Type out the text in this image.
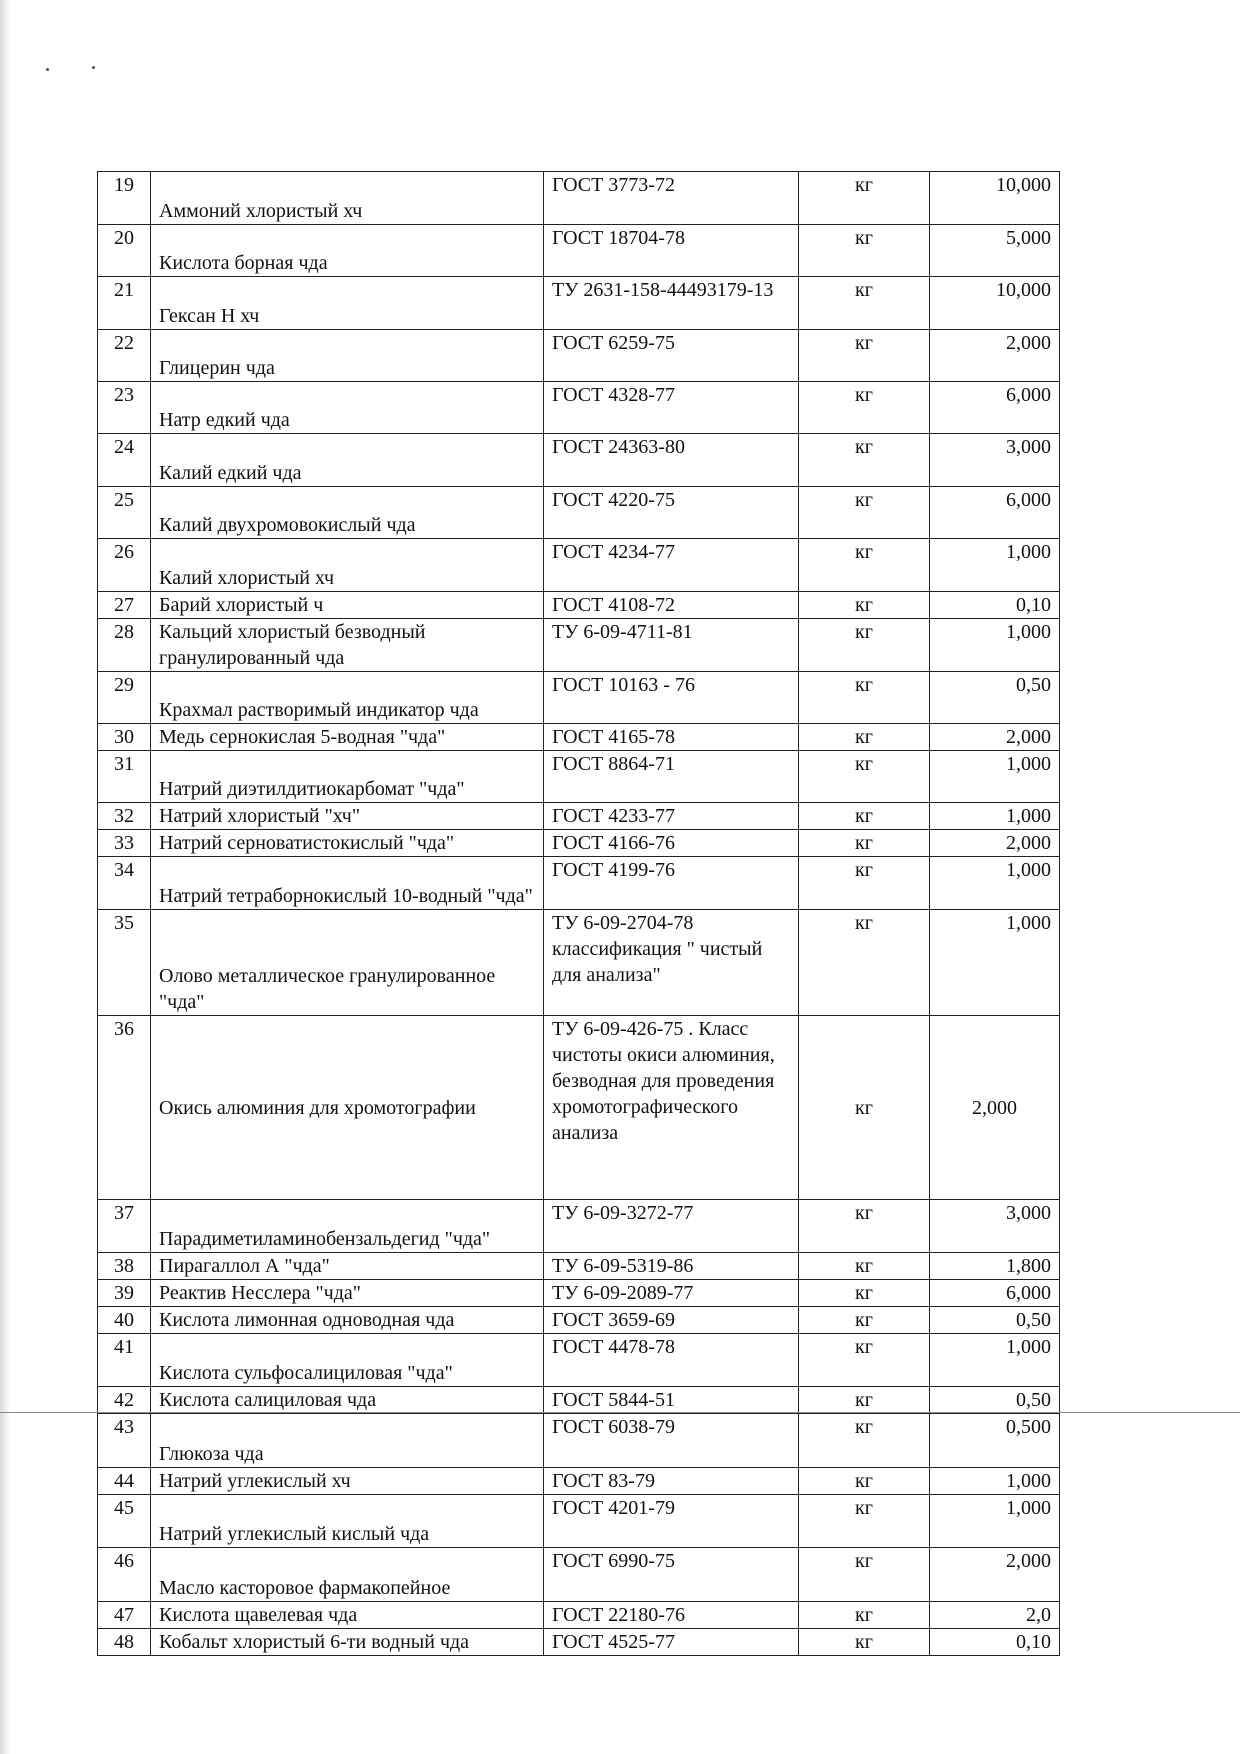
19	Аммоний хлористый хч	ГОСТ 3773-72	кг	10,000
20	Кислота борная чда	ГОСТ 18704-78	кг	5,000
21	Гексан Н хч	ТУ 2631-158-44493179-13	кг	10,000
22	Глицерин чда	ГОСТ 6259-75	кг	2,000
23	Натр едкий чда	ГОСТ 4328-77	кг	6,000
24	Калий едкий чда	ГОСТ 24363-80	кг	3,000
25	Калий двухромовокислый чда	ГОСТ 4220-75	кг	6,000
26	Калий хлористый хч	ГОСТ 4234-77	кг	1,000
27	Барий хлористый ч	ГОСТ 4108-72	кг	0,10
28	Кальций хлористый безводный гранулированный чда	ТУ 6-09-4711-81	кг	1,000
29	Крахмал растворимый индикатор чда	ГОСТ 10163 - 76	кг	0,50
30	Медь сернокислая 5-водная "чда"	ГОСТ 4165-78	кг	2,000
31	Натрий диэтилдитиокарбомат "чда"	ГОСТ 8864-71	кг	1,000
32	Натрий хлористый "хч"	ГОСТ 4233-77	кг	1,000
33	Натрий серноватистокислый "чда"	ГОСТ 4166-76	кг	2,000
34	Натрий тетраборнокислый 10-водный "чда"	ГОСТ 4199-76	кг	1,000
35	Олово металлическое гранулированное "чда"	ТУ 6-09-2704-78 классификация " чистый для анализа"	кг	1,000
36	Окись алюминия для хромотографии	ТУ 6-09-426-75 . Класс чистоты окиси алюминия, безводная для проведения хромотографического анализа	кг	2,000
37	Парадиметиламинобензальдегид "чда"	ТУ 6-09-3272-77	кг	3,000
38	Пирагаллол А "чда"	ТУ 6-09-5319-86	кг	1,800
39	Реактив Несслера "чда"	ТУ 6-09-2089-77	кг	6,000
40	Кислота лимонная одноводная чда	ГОСТ 3659-69	кг	0,50
41	Кислота сульфосалициловая "чда"	ГОСТ 4478-78	кг	1,000
42	Кислота салициловая чда	ГОСТ 5844-51	кг	0,50
43	Глюкоза чда	ГОСТ 6038-79	кг	0,500
44	Натрий углекислый хч	ГОСТ 83-79	кг	1,000
45	Натрий углекислый кислый чда	ГОСТ 4201-79	кг	1,000
46	Масло касторовое фармакопейное	ГОСТ 6990-75	кг	2,000
47	Кислота щавелевая чда	ГОСТ 22180-76	кг	2,0
48	Кобальт хлористый 6-ти водный чда	ГОСТ 4525-77	кг	0,10
